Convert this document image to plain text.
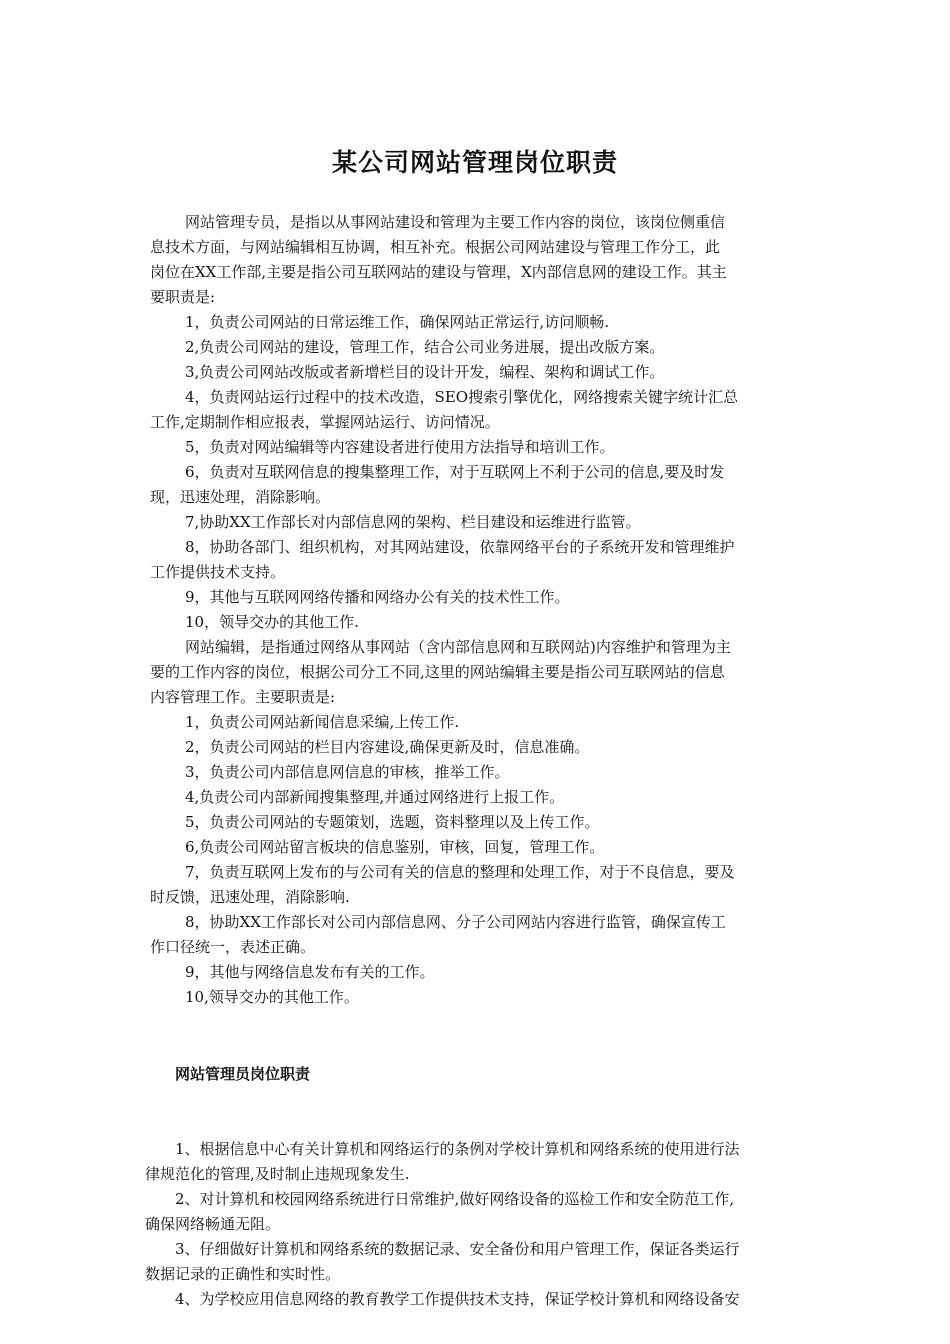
某公司网站管理岗位职责
网站管理专员，是指以从事网站建设和管理为主要工作内容的岗位，该岗位侧重信
息技术方面，与网站编辑相互协调，相互补充。根据公司网站建设与管理工作分工，此
岗位在XX工作部,主要是指公司互联网站的建设与管理，X内部信息网的建设工作。其主
要职责是:
1，负责公司网站的日常运维工作，确保网站正常运行,访问顺畅.
2,负责公司网站的建设，管理工作，结合公司业务进展，提出改版方案。
3,负责公司网站改版或者新增栏目的设计开发，编程、架构和调试工作。
4，负责网站运行过程中的技术改造，SEO搜索引擎优化，网络搜索关键字统计汇总
工作,定期制作相应报表，掌握网站运行、访问情况。
5，负责对网站编辑等内容建设者进行使用方法指导和培训工作。
6，负责对互联网信息的搜集整理工作，对于互联网上不利于公司的信息,要及时发
现，迅速处理，消除影响。
7,协助XX工作部长对内部信息网的架构、栏目建设和运维进行监管。
8，协助各部门、组织机构，对其网站建设，依靠网络平台的子系统开发和管理维护
工作提供技术支持。
9，其他与互联网网络传播和网络办公有关的技术性工作。
10，领导交办的其他工作.
网站编辑，是指通过网络从事网站（含内部信息网和互联网站)内容维护和管理为主
要的工作内容的岗位，根据公司分工不同,这里的网站编辑主要是指公司互联网站的信息
内容管理工作。主要职责是:
1，负责公司网站新闻信息采编,上传工作.
2，负责公司网站的栏目内容建设,确保更新及时，信息准确。
3，负责公司内部信息网信息的审核，推举工作。
4,负责公司内部新闻搜集整理,并通过网络进行上报工作。
5，负责公司网站的专题策划，选题，资料整理以及上传工作。
6,负责公司网站留言板块的信息鉴别，审核，回复，管理工作。
7，负责互联网上发布的与公司有关的信息的整理和处理工作，对于不良信息，要及
时反馈，迅速处理，消除影响.
8，协助XX工作部长对公司内部信息网、分子公司网站内容进行监管，确保宣传工
作口径统一，表述正确。
9，其他与网络信息发布有关的工作。
10,领导交办的其他工作。

网站管理员岗位职责

1、根据信息中心有关计算机和网络运行的条例对学校计算机和网络系统的使用进行法
律规范化的管理,及时制止违规现象发生.
2、对计算机和校园网络系统进行日常维护,做好网络设备的巡检工作和安全防范工作,
确保网络畅通无阻。
3、仔细做好计算机和网络系统的数据记录、安全备份和用户管理工作，保证各类运行
数据记录的正确性和实时性。
4、为学校应用信息网络的教育教学工作提供技术支持，保证学校计算机和网络设备安
